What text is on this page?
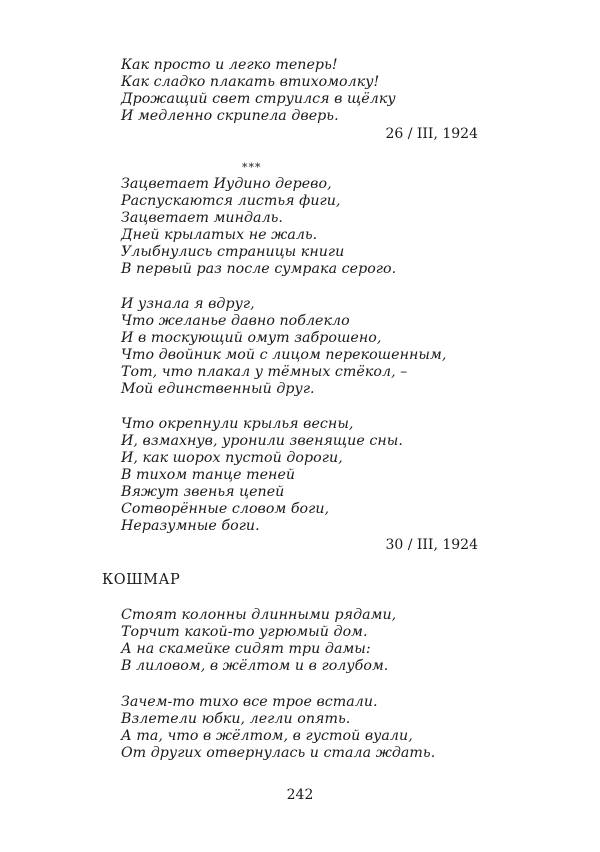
Как просто и легко теперь!
Как сладко плакать втихомолку!
Дрожащий свет струился в щёлку
И медленно скрипела дверь.
26 / III, 1924
***
Зацветает Иудино дерево,
Распускаются листья фиги,
Зацветает миндаль.
Дней крылатых не жаль.
Улыбнулись страницы книги
В первый раз после сумрака серого.
И узнала я вдруг,
Что желанье давно поблекло
И в тоскующий омут заброшено,
Что двойник мой с лицом перекошенным,
Тот, что плакал у тёмных стёкол, –
Мой единственный друг.
Что окрепнули крылья весны,
И, взмахнув, уронили звенящие сны.
И, как шорох пустой дороги,
В тихом танце теней
Вяжут звенья цепей
Сотворённые словом боги,
Неразумные боги.
30 / III, 1924
КОШМАР
Стоят колонны длинными рядами,
Торчит какой-то угрюмый дом.
А на скамейке сидят три дамы:
В лиловом, в жёлтом и в голубом.
Зачем-то тихо все трое встали.
Взлетели юбки, легли опять.
А та, что в жёлтом, в густой вуали,
От других отвернулась и стала ждать.
242
